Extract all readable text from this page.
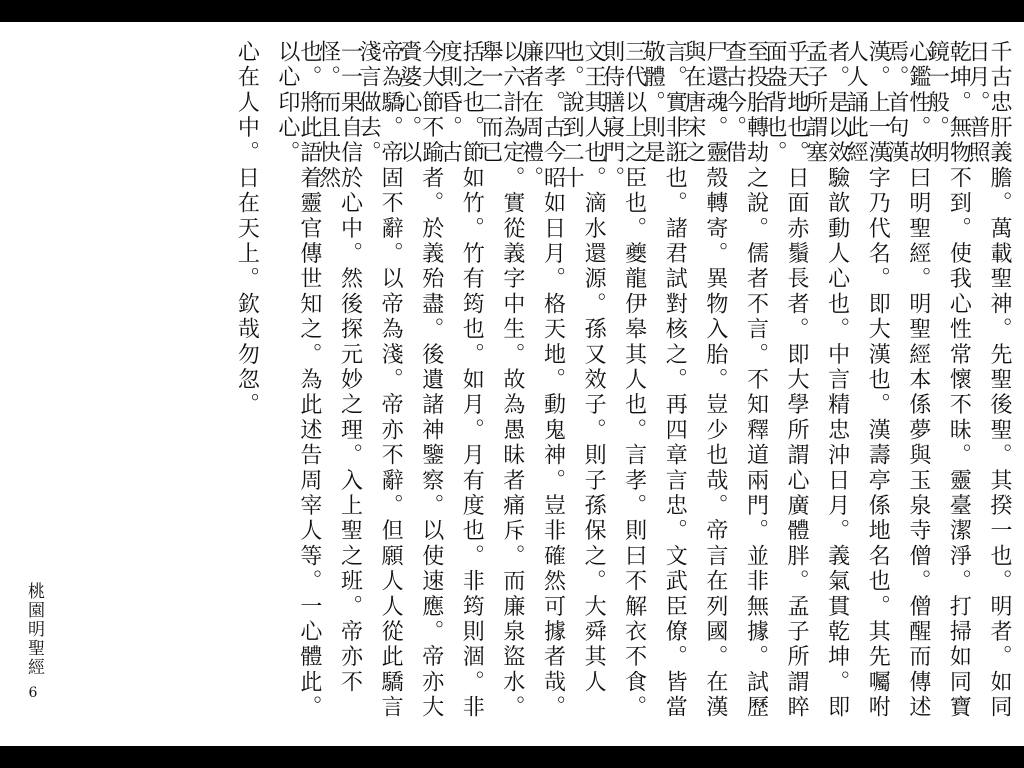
千古忠肝義膽。萬載聖神。先聖後聖。其揆一也。明者。如同日月。普照
乾坤。無物不到。使我心性常懷不昧。靈臺潔淨。打掃如同寶鏡一般。明
心鑑性。故曰明聖經。明聖經本係夢與玉泉寺僧。僧醒而傳述焉。首句漢
漢。上一漢字乃代名。即大漢也。漢壽亭係地名也。其先囑咐人人誦此經
者。是以效驗歆動人心也。中言精忠沖日月。義氣貫乾坤。即孟子所謂塞
乎天地也。日面赤鬚長者。即大學所謂心廣體胖。孟子所謂睟面盎背也。
至投胎轉劫之說。儒者不言。不知釋道兩門。並非無據。試歷查古今。借
尸還魂。靈殼轉寄。異物入胎。豈少也哉。帝言在列國。在漢與在唐宋之
言。實非誑也。諸君試對核之。再四章言忠。文武臣僚。皆當敬體。則是
三代以上之臣也。夔龍伊皋其人也。言孝。則曰不解衣不食。則侍膳寢門。
文王其人也。滴水還源。孫又效子。則子孫保之。大舜其人也。說到二十
四孝。古今昭如日月。格天地。動鬼神。豈非確然可據者哉。廉者在周禮。
以六計為定。實從義字中生。故為愚昧者痛斥。而廉泉盜水。舉一二而已
括之也。節如竹。竹有筠也。如月。月有度也。非筠則涸。非度則昏。古
今大節不踰者。於義殆盡。後遺諸神鑒察。以使速應。帝亦大賫婆心。以
帝為驕。帝固不辭。以帝為淺。帝亦不辭。但願人人從此驕言淺言做去。
一一果自信於心中。然後探元妙之理。入上聖之班。帝亦不怪。而且快然
也。將此語着靈官傳世知之。為此述告周宰人等。一心體此。以心印心。
心在人中。日在天上。欽哉勿忽。
桃園明聖經
6
